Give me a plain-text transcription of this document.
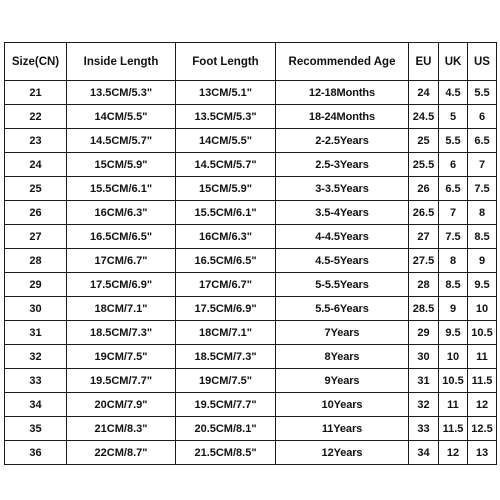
Size(CN)	Inside Length	Foot Length	Recommended Age	EU	UK	US
21	13.5CM/5.3"	13CM/5.1"	12-18Months	24	4.5	5.5
22	14CM/5.5"	13.5CM/5.3"	18-24Months	24.5	5	6
23	14.5CM/5.7"	14CM/5.5"	2-2.5Years	25	5.5	6.5
24	15CM/5.9"	14.5CM/5.7"	2.5-3Years	25.5	6	7
25	15.5CM/6.1"	15CM/5.9"	3-3.5Years	26	6.5	7.5
26	16CM/6.3"	15.5CM/6.1"	3.5-4Years	26.5	7	8
27	16.5CM/6.5"	16CM/6.3"	4-4.5Years	27	7.5	8.5
28	17CM/6.7"	16.5CM/6.5"	4.5-5Years	27.5	8	9
29	17.5CM/6.9"	17CM/6.7"	5-5.5Years	28	8.5	9.5
30	18CM/7.1"	17.5CM/6.9"	5.5-6Years	28.5	9	10
31	18.5CM/7.3"	18CM/7.1"	7Years	29	9.5	10.5
32	19CM/7.5"	18.5CM/7.3"	8Years	30	10	11
33	19.5CM/7.7"	19CM/7.5"	9Years	31	10.5	11.5
34	20CM/7.9"	19.5CM/7.7"	10Years	32	11	12
35	21CM/8.3"	20.5CM/8.1"	11Years	33	11.5	12.5
36	22CM/8.7"	21.5CM/8.5"	12Years	34	12	13
